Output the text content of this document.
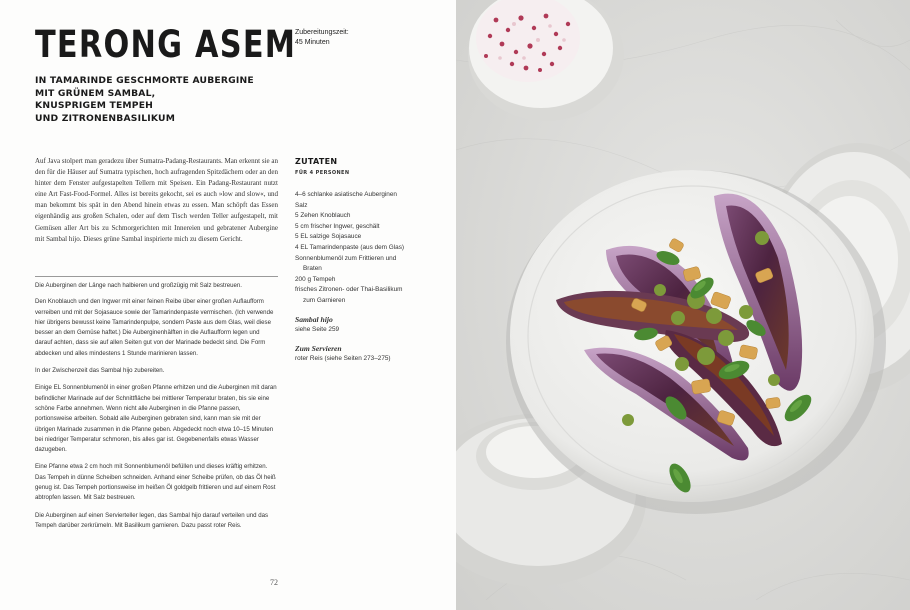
TERONG ASEM
IN TAMARINDE GESCHMORTE AUBERGINE
MIT GRÜNEM SAMBAL,
KNUSPRIGEM TEMPEH
UND ZITRONENBASILIKUM
Zubereitungszeit:
45 Minuten
Auf Java stolpert man geradezu über Sumatra-Padang-Restaurants. Man erkennt sie an den für die Häuser auf Sumatra typischen, hoch aufragenden Spitzdächern oder an den hinter dem Fenster aufgestapelten Tellern mit Speisen. Ein Padang-Restaurant nutzt eine Art Fast-Food-Formel. Alles ist bereits gekocht, sei es auch »low and slow«, und man bekommt bis spät in den Abend hinein etwas zu essen. Man schöpft das Essen eigenhändig aus großen Schalen, oder auf dem Tisch werden Teller aufgestapelt, mit Gemüsen aller Art bis zu Schmorgerichten mit Innereien und gebratener Aubergine mit Sambal hijo. Dieses grüne Sambal inspirierte mich zu diesem Gericht.

Die Auberginen der Länge nach halbieren und großzügig mit Salz bestreuen.

Den Knoblauch und den Ingwer mit einer feinen Reibe über einer großen Auflaufform verreiben und mit der Sojasauce sowie der Tamarindenpaste vermischen. (Ich verwende hier übrigens bewusst keine Tamarindenpulpe, sondern Paste aus dem Glas, weil diese besser an dem Gemüse haftet.) Die Auberginenhälften in die Auflaufform legen und darauf achten, dass sie auf allen Seiten gut von der Marinade bedeckt sind. Die Form abdecken und alles mindestens 1 Stunde marinieren lassen.

In der Zwischenzeit das Sambal hijo zubereiten.

Einige EL Sonnenblumenöl in einer großen Pfanne erhitzen und die Auberginen mit daran befindlicher Marinade auf der Schnittfläche bei mittlerer Temperatur braten, bis sie eine schöne Farbe annehmen. Wenn nicht alle Auberginen in die Pfanne passen, portionsweise arbeiten. Sobald alle Auberginen gebraten sind, kann man sie mit der übrigen Marinade zusammen in die Pfanne geben. Abgedeckt noch etwa 10–15 Minuten bei niedriger Temperatur schmoren, bis alles gar ist. Gegebenenfalls etwas Wasser dazugeben.

Eine Pfanne etwa 2 cm hoch mit Sonnenblumenöl befüllen und dieses kräftig erhitzen. Das Tempeh in dünne Scheiben schneiden. Anhand einer Scheibe prüfen, ob das Öl heiß genug ist. Das Tempeh portionsweise im heißen Öl goldgelb frittieren und auf einem Rost abtropfen lassen. Mit Salz bestreuen.

Die Auberginen auf einen Servierteller legen, das Sambal hijo darauf verteilen und das Tempeh darüber zerkrümeln. Mit Basilikum garnieren. Dazu passt roter Reis.

ZUTATEN
FÜR 4 PERSONEN
4–6 schlanke asiatische Auberginen
Salz
5 Zehen Knoblauch
5 cm frischer Ingwer, geschält
5 EL salzige Sojasauce
4 EL Tamarindenpaste (aus dem Glas)
Sonnenblumenöl zum Frittieren und
Braten
200 g Tempeh
frisches Zitronen- oder Thai-Basilikum
zum Garnieren
Sambal hijo
siehe Seite 259
Zum Servieren
roter Reis (siehe Seiten 273–275)
72
